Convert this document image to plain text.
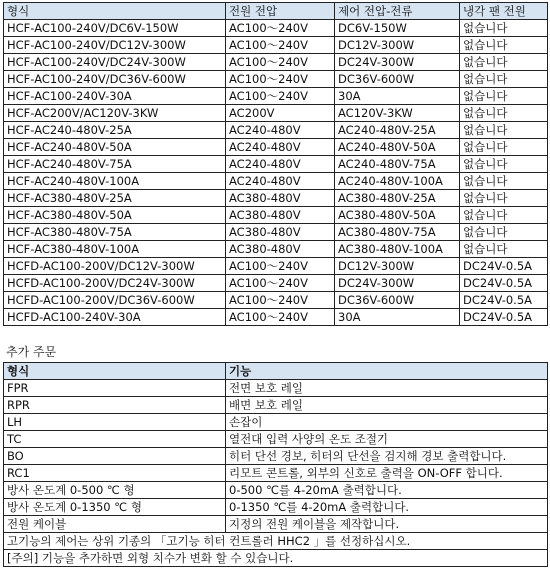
형식	전원 전압	제어 전압-전류	냉각 팬 전원
HCF-AC100-240V/DC6V-150W	AC100～240V	DC6V-150W	없습니다
HCF-AC100-240V/DC12V-300W	AC100～240V	DC12V-300W	없습니다
HCF-AC100-240V/DC24V-300W	AC100～240V	DC24V-300W	없습니다
HCF-AC100-240V/DC36V-600W	AC100～240V	DC36V-600W	없습니다
HCF-AC100-240V-30A	AC100～240V	30A	없습니다
HCF-AC200V/AC120V-3KW	AC200V	AC120V-3KW	없습니다
HCF-AC240-480V-25A	AC240-480V	AC240-480V-25A	없습니다
HCF-AC240-480V-50A	AC240-480V	AC240-480V-50A	없습니다
HCF-AC240-480V-75A	AC240-480V	AC240-480V-75A	없습니다
HCF-AC240-480V-100A	AC240-480V	AC240-480V-100A	없습니다
HCF-AC380-480V-25A	AC380-480V	AC380-480V-25A	없습니다
HCF-AC380-480V-50A	AC380-480V	AC380-480V-50A	없습니다
HCF-AC380-480V-75A	AC380-480V	AC380-480V-75A	없습니다
HCF-AC380-480V-100A	AC380-480V	AC380-480V-100A	없습니다
HCFD-AC100-200V/DC12V-300W	AC100～240V	DC12V-300W	DC24V-0.5A
HCFD-AC100-200V/DC24V-300W	AC100～240V	DC24V-300W	DC24V-0.5A
HCFD-AC100-200V/DC36V-600W	AC100～240V	DC36V-600W	DC24V-0.5A
HCFD-AC100-240V-30A	AC100～240V	30A	DC24V-0.5A
추가 주문
형식	기능
FPR	전면 보호 레일
RPR	배면 보호 레일
LH	손잡이
TC	열전대 입력 사양의 온도 조절기
BO	히터 단선 경보, 히터의 단선을 검지해 경보 출력합니다.
RC1	리모트 콘트롤, 외부의 신호로 출력을 ON-OFF 합니다.
방사 온도계 0-500 ℃ 형	0-500 ℃를 4-20mA 출력합니다.
방사 온도계 0-1350 ℃ 형	0-1350 ℃를 4-20mA 출력합니다.
전원 케이블	지정의 전원 케이블을 제작합니다.
고기능의 제어는 상위 기종의 「고기능 히터 컨트롤러 HHC2 」를 선정하십시오.	
[주의] 기능을 추가하면 외형 치수가 변화 할 수 있습니다.	
